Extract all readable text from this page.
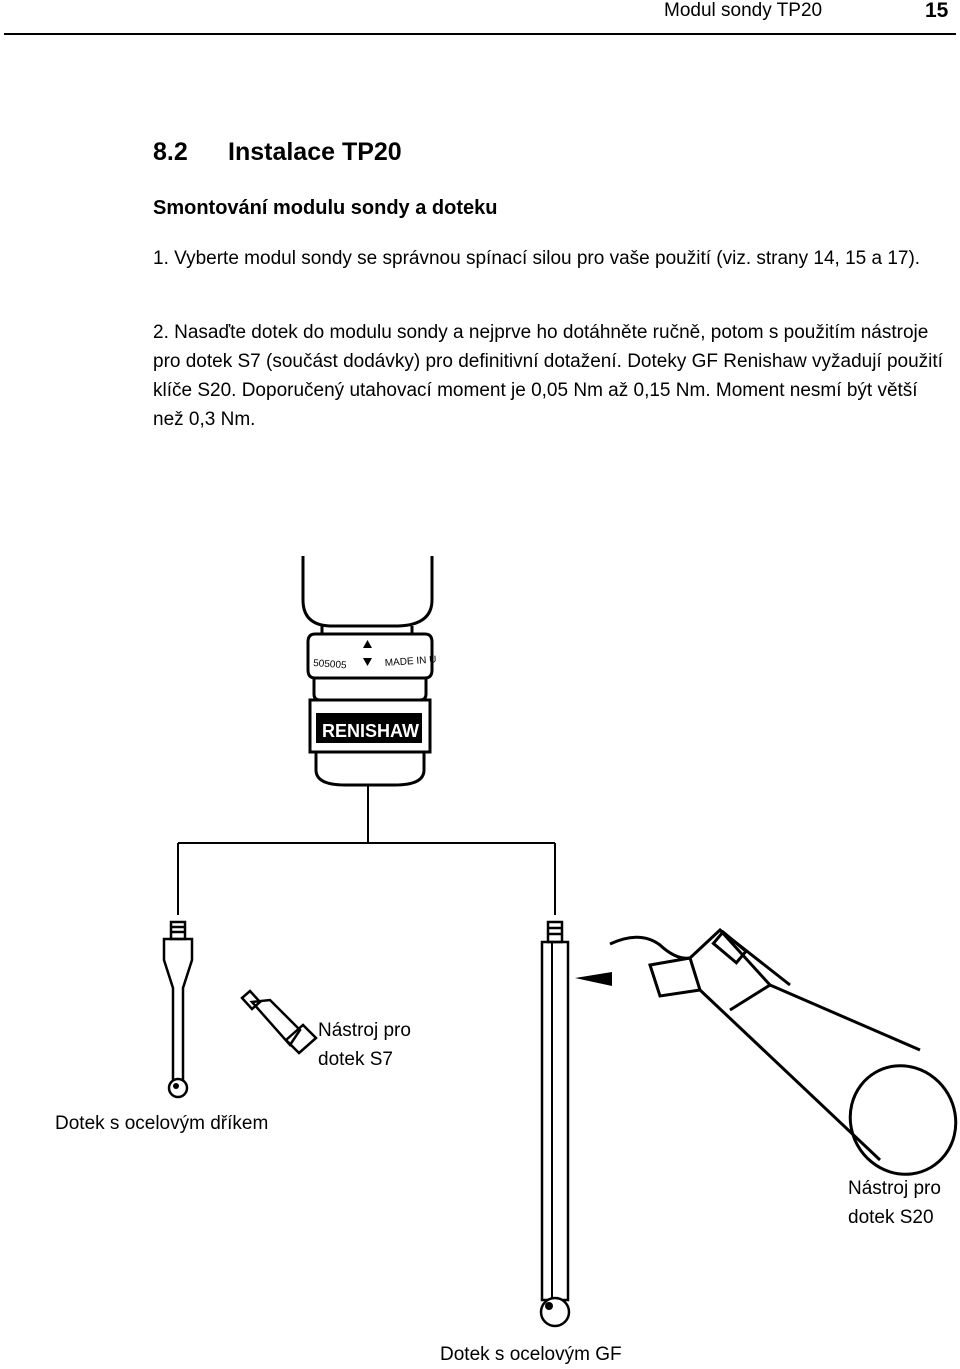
Modul sondy TP20	15
8.2 Instalace TP20
Smontování modulu sondy a doteku
1. Vyberte modul sondy se správnou spínací silou pro vaše použití (viz. strany 14, 15 a 17).
2. Nasaďte dotek do modulu sondy a nejprve ho dotáhněte ručně, potom s použitím nástroje pro dotek S7 (součást dodávky) pro definitivní dotažení. Doteky GF Renishaw vyžadují použití klíče S20. Doporučený utahovací moment je 0,05 Nm až 0,15 Nm. Moment nesmí být větší než 0,3 Nm.
505005	MADE IN U
RENISHAW
Nástroj pro
dotek S7
Dotek s ocelovým dříkem
Nástroj pro
dotek S20
Dotek s ocelovým GF
